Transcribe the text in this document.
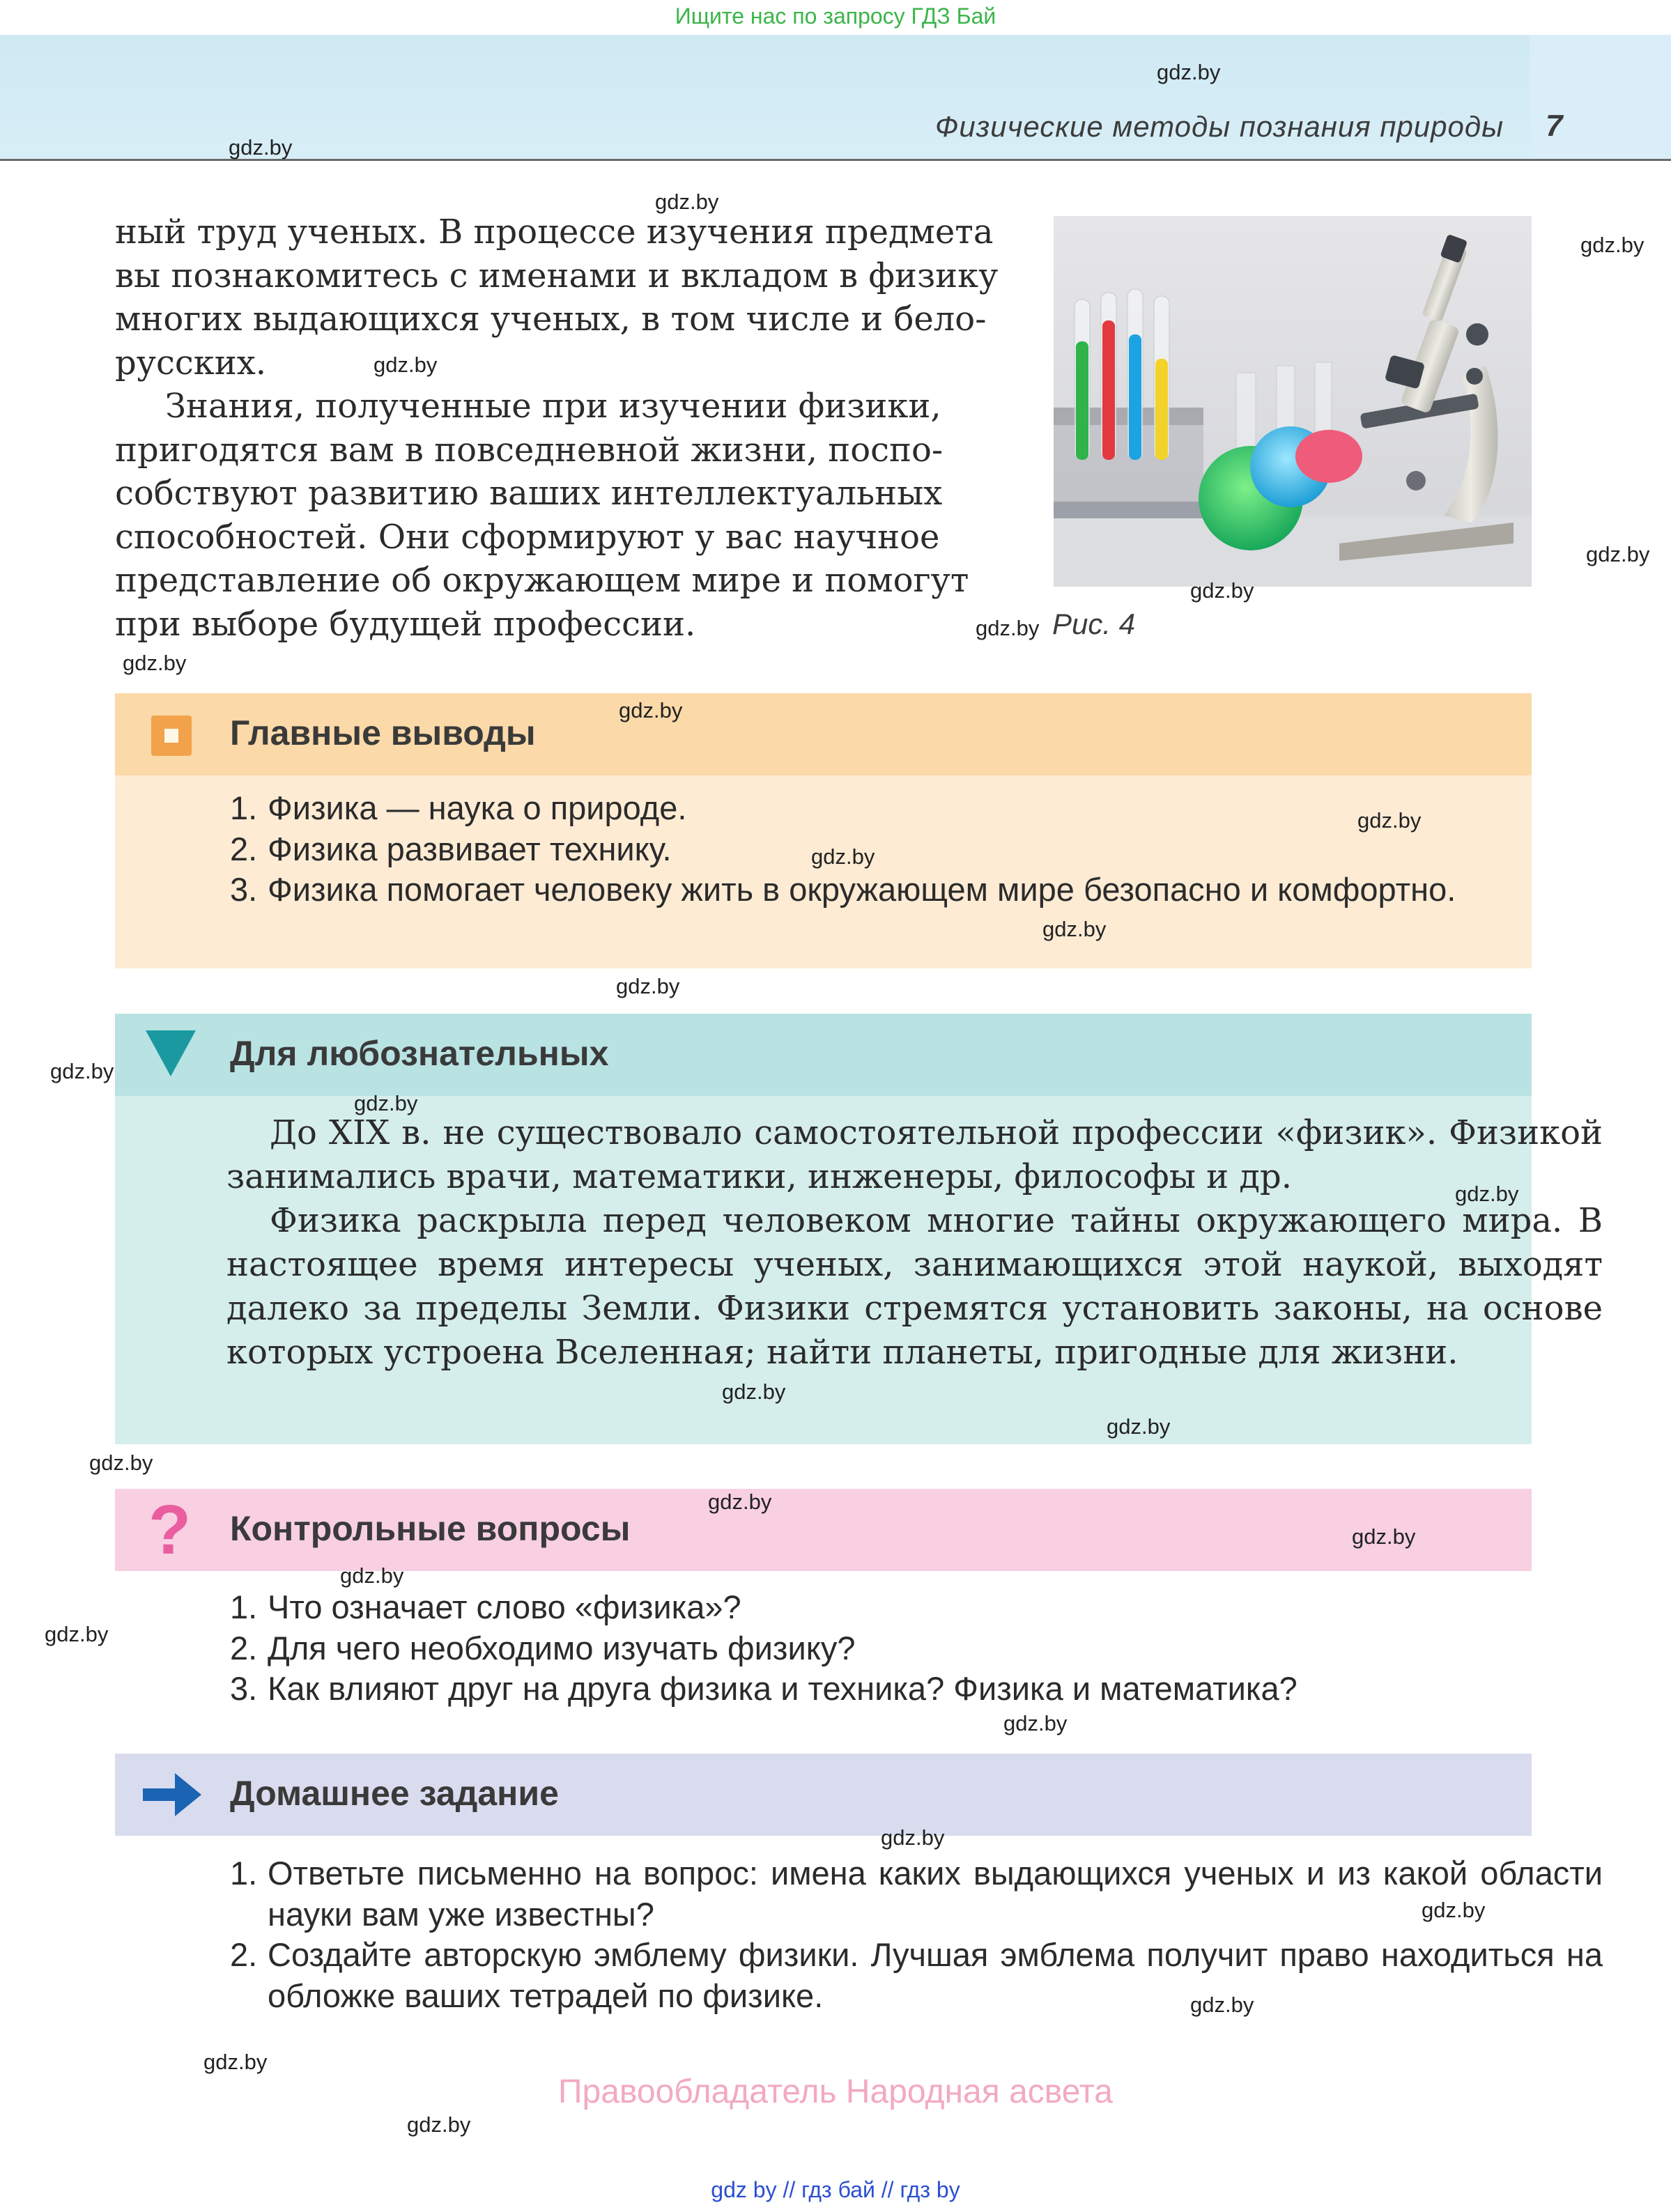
Ищите нас по запросу ГДЗ Бай
Физические методы познания природы 7

ный труд ученых. В процессе изучения предмета

вы познакомитесь с именами и вкладом в физику

многих выдающихся ученых, в том числе и бело-

русских.

Знания, полученные при изучении физики,

пригодятся вам в повседневной жизни, поспо-

собствуют развитию ваших интеллектуальных

способностей. Они сформируют у вас научное

представление об окружающем мире и помогут

при выборе будущей профессии.	Рис. 4
Главные выводы
1. Физика — наука о природе.
2. Физика развивает технику.
3. Физика помогает человеку жить в окружающем мире безопасно и комфортно.
Для любознательных

До XIX в. не существовало самостоятельной профессии «физик». Физикой занимались врачи, математики, инженеры, философы и др.

Физика раскрыла перед человеком многие тайны окружающего мира. В настоящее время интересы ученых, занимающихся этой наукой, выходят далеко за пределы Земли. Физики стремятся установить законы, на основе которых устроена Вселенная; найти планеты, пригодные для жизни.

? Контрольные вопросы
1. Что означает слово «физика»?
2. Для чего необходимо изучать физику?
3. Как влияют друг на друга физика и техника? Физика и математика?
Домашнее задание
1. Ответьте письменно на вопрос: имена каких выдающихся ученых и из какой области науки вам уже известны?
2. Создайте авторскую эмблему физики. Лучшая эмблема получит право находиться на обложке ваших тетрадей по физике.
gdz.by
gdz.by
gdz.by
gdz.by
gdz.by
gdz.by
gdz.by
gdz.by
gdz.by
gdz.by
gdz.by
gdz.by
gdz.by
gdz.by
gdz.by
gdz.by
gdz.by
gdz.by
gdz.by
gdz.by
gdz.by
gdz.by
gdz.by
gdz.by
gdz.by
gdz.by
gdz.by
gdz.by
gdz.by
gdz.by
Правообладатель Народная асвета
gdz by // гдз бай // гдз by
